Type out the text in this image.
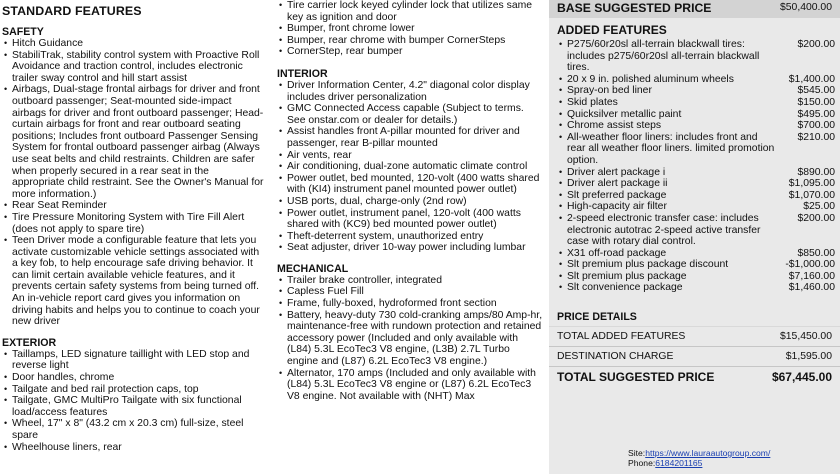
STANDARD FEATURES
SAFETY
• Hitch Guidance
• StabiliTrak, stability control system with Proactive Roll Avoidance and traction control, includes electronic trailer sway control and hill start assist
• Airbags, Dual-stage frontal airbags for driver and front outboard passenger; Seat-mounted side-impact airbags for driver and front outboard passenger; Head-curtain airbags for front and rear outboard seating positions; Includes front outboard Passenger Sensing System for frontal outboard passenger airbag (Always use seat belts and child restraints. Children are safer when properly secured in a rear seat in the appropriate child restraint. See the Owner's Manual for more information.)
• Rear Seat Reminder
• Tire Pressure Monitoring System with Tire Fill Alert (does not apply to spare tire)
• Teen Driver mode a configurable feature that lets you activate customizable vehicle settings associated with a key fob, to help encourage safe driving behavior. It can limit certain available vehicle features, and it prevents certain safety systems from being turned off. An in-vehicle report card gives you information on driving habits and helps you to continue to coach your new driver
EXTERIOR
• Taillamps, LED signature taillight with LED stop and reverse light
• Door handles, chrome
• Tailgate and bed rail protection caps, top
• Tailgate, GMC MultiPro Tailgate with six functional load/access features
• Wheel, 17" x 8" (43.2 cm x 20.3 cm) full-size, steel spare
• Wheelhouse liners, rear
• Tire carrier lock keyed cylinder lock that utilizes same key as ignition and door
• Bumper, front chrome lower
• Bumper, rear chrome with bumper CornerSteps
• CornerStep, rear bumper
INTERIOR
• Driver Information Center, 4.2" diagonal color display includes driver personalization
• GMC Connected Access capable (Subject to terms. See onstar.com or dealer for details.)
• Assist handles front A-pillar mounted for driver and passenger, rear B-pillar mounted
• Air vents, rear
• Air conditioning, dual-zone automatic climate control
• Power outlet, bed mounted, 120-volt (400 watts shared with (KI4) instrument panel mounted power outlet)
• USB ports, dual, charge-only (2nd row)
• Power outlet, instrument panel, 120-volt (400 watts shared with (KC9) bed mounted power outlet)
• Theft-deterrent system, unauthorized entry
• Seat adjuster, driver 10-way power including lumbar
MECHANICAL
• Trailer brake controller, integrated
• Capless Fuel Fill
• Frame, fully-boxed, hydroformed front section
• Battery, heavy-duty 730 cold-cranking amps/80 Amp-hr, maintenance-free with rundown protection and retained accessory power (Included and only available with (L84) 5.3L EcoTec3 V8 engine, (L3B) 2.7L Turbo engine and (L87) 6.2L EcoTec3 V8 engine.)
• Alternator, 170 amps (Included and only available with (L84) 5.3L EcoTec3 V8 engine or (L87) 6.2L EcoTec3 V8 engine. Not available with (NHT) Max
BASE SUGGESTED PRICE	$50,400.00
ADDED FEATURES
• P275/60r20sl all-terrain blackwall tires: includes p275/60r20sl all-terrain blackwall tires.
$200.00
• 20 x 9 in. polished aluminum wheels	$1,400.00
• Spray-on bed liner	$545.00
• Skid plates	$150.00
• Quicksilver metallic paint	$495.00
• Chrome assist steps	$700.00
• All-weather floor liners: includes front and rear all weather floor liners. limited promotion option.
$210.00
• Driver alert package i	$890.00
• Driver alert package ii	$1,095.00
• Slt preferred package	$1,070.00
• High-capacity air filter	$25.00
• 2-speed electronic transfer case: includes electronic autotrac 2-speed active transfer case with rotary dial control.
$200.00
• X31 off-road package	$850.00
• Slt premium plus package discount	-$1,000.00
• Slt premium plus package	$7,160.00
• Slt convenience package	$1,460.00
PRICE DETAILS
TOTAL ADDED FEATURES	$15,450.00
DESTINATION CHARGE	$1,595.00
TOTAL SUGGESTED PRICE	$67,445.00
Site:https://www.lauraautogroup.com/
Phone:6184201165
